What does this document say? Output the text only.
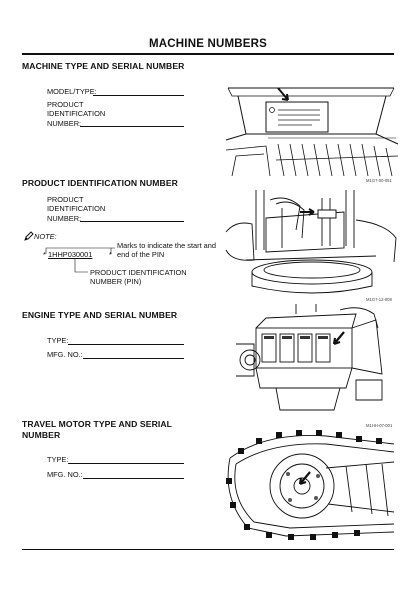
MACHINE NUMBERS
MACHINE TYPE AND SERIAL NUMBER
MODEL/TYPE:
PRODUCT
IDENTIFICATION
NUMBER:
M1G7-00-051
PRODUCT IDENTIFICATION NUMBER
PRODUCT
IDENTIFICATION
NUMBER:
NOTE:
1HHP030001
*	*
Marks to indicate the start and end of the PIN
PRODUCT IDENTIFICATION NUMBER (PIN)
M1G7-12-008
ENGINE TYPE AND SERIAL NUMBER
TYPE:
MFG. NO.:
M1HH-07-001
TRAVEL MOTOR TYPE AND SERIAL
NUMBER
TYPE:
MFG. NO.:
